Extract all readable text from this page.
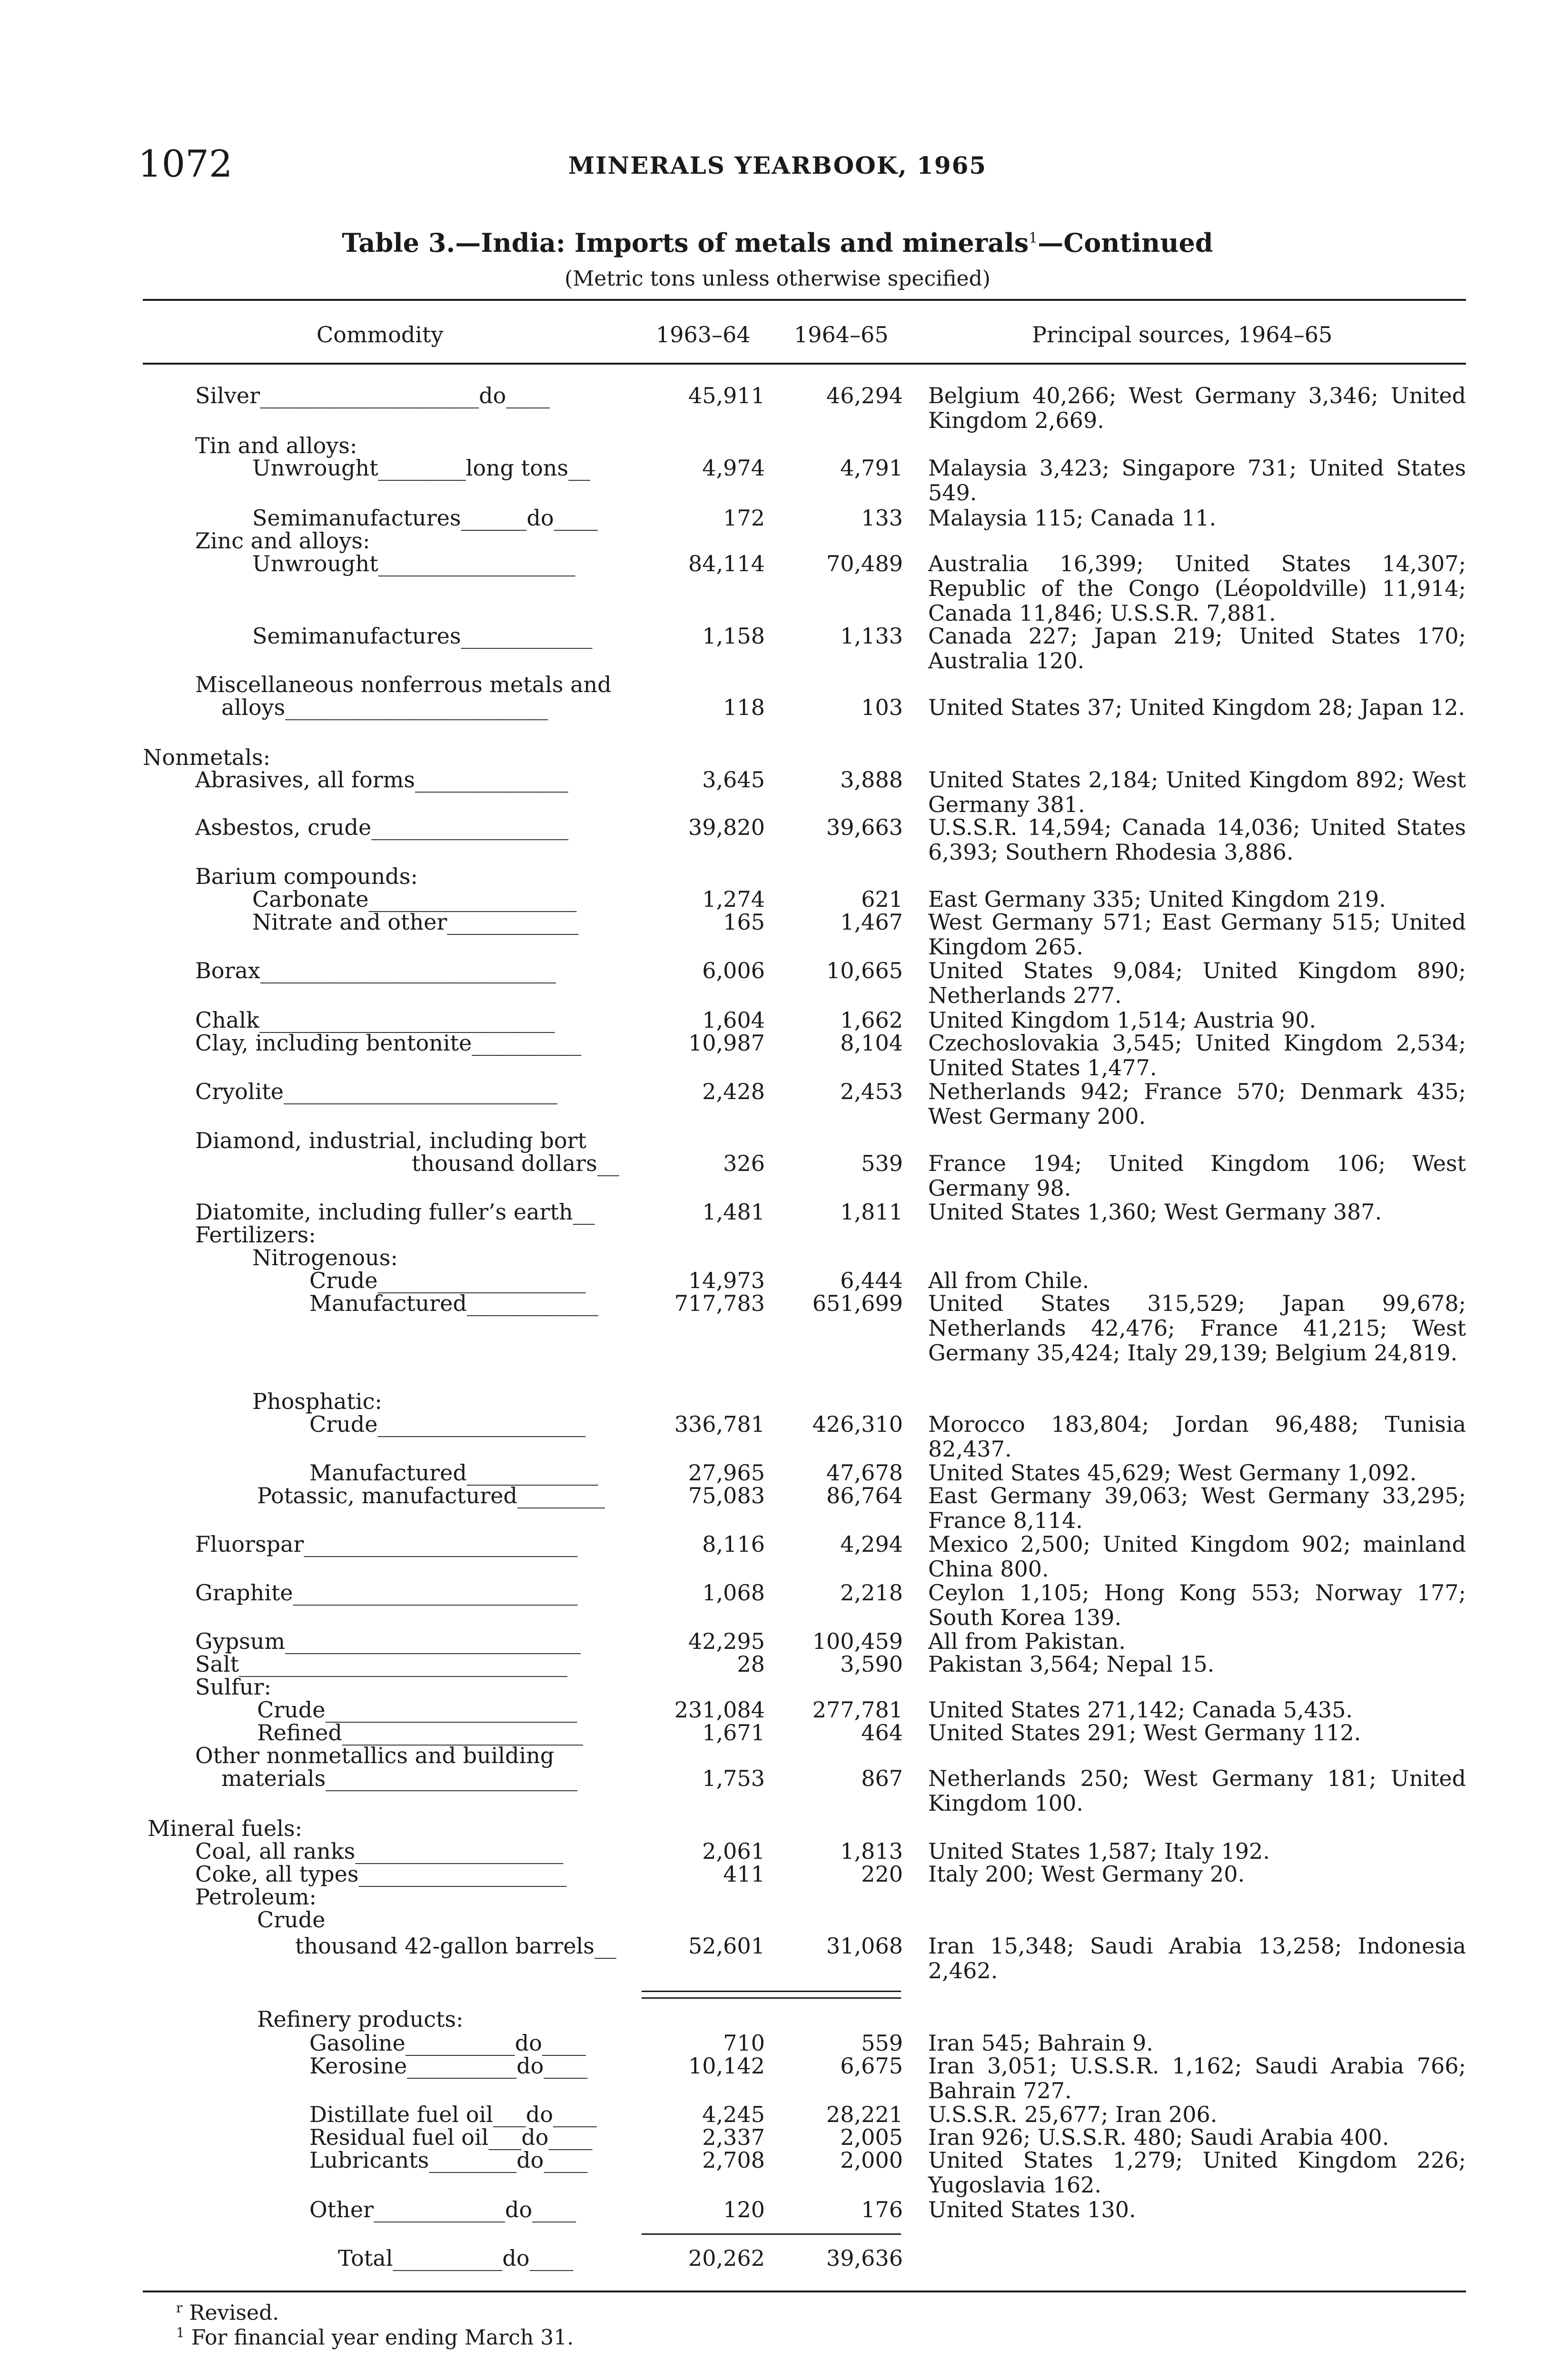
1072	MINERALS YEARBOOK, 1965
Table 3.—India: Imports of metals and minerals$^1$—Continued
(Metric tons unless otherwise specified)
Commodity	1963–64 1964–65	Principal sources, 1964–65
Silver____________________do____	45,911	46,294 Belgium 40,266; West Germany 3,346; United Kingdom 2,669.
Tin and alloys:
Unwrought________long tons__	4,974	4,791 Malaysia 3,423; Singapore 731; United States 549.
Semimanufactures______do____	172	133 Malaysia 115; Canada 11.
Zinc and alloys:
Unwrought__________________	84,114	70,489 Australia 16,399; United States 14,307; Republic of the Congo (Léopoldville) 11,914; Canada 11,846; U.S.S.R. 7,881.
Semimanufactures____________	1,158	1,133 Canada 227; Japan 219; United States 170; Australia 120.
Miscellaneous nonferrous metals and
alloys________________________	118	103 United States 37; United Kingdom 28; Japan 12.
Nonmetals:
Abrasives, all forms______________	3,645	3,888 United States 2,184; United Kingdom 892; West Germany 381.
Asbestos, crude__________________	39,820	39,663 U.S.S.R. 14,594; Canada 14,036; United States 6,393; Southern Rhodesia 3,886.
Barium compounds:
Carbonate___________________	1,274	621 East Germany 335; United Kingdom 219.
Nitrate and other____________	165	1,467 West Germany 571; East Germany 515; United Kingdom 265.
Borax___________________________	6,006	10,665 United States 9,084; United Kingdom 890; Netherlands 277.
Chalk___________________________	1,604	1,662 United Kingdom 1,514; Austria 90.
Clay, including bentonite__________	10,987	8,104 Czechoslovakia 3,545; United Kingdom 2,534; United States 1,477.
Cryolite_________________________	2,428	2,453 Netherlands 942; France 570; Denmark 435; West Germany 200.
Diamond, industrial, including bort
thousand dollars__	326	539 France 194; United Kingdom 106; West Germany 98.
Diatomite, including fuller’s earth__	1,481	1,811 United States 1,360; West Germany 387.
Fertilizers:
Nitrogenous:
Crude___________________	14,973	6,444 All from Chile.
Manufactured____________	717,783 651,699 United States 315,529; Japan 99,678; Netherlands 42,476; France 41,215; West Germany 35,424; Italy 29,139; Belgium 24,819.
Phosphatic:
Crude___________________	336,781 426,310 Morocco 183,804; Jordan 96,488; Tunisia 82,437.
Manufactured____________	27,965	47,678 United States 45,629; West Germany 1,092.
Potassic, manufactured________	75,083	86,764 East Germany 39,063; West Germany 33,295; France 8,114.
Fluorspar_________________________	8,116	4,294 Mexico 2,500; United Kingdom 902; mainland China 800.
Graphite__________________________	1,068	2,218 Ceylon 1,105; Hong Kong 553; Norway 177; South Korea 139.
Gypsum___________________________	42,295 100,459 All from Pakistan.
Salt______________________________	28	3,590 Pakistan 3,564; Nepal 15.
Sulfur:
Crude_______________________	231,084 277,781 United States 271,142; Canada 5,435.
Refined______________________	1,671	464 United States 291; West Germany 112.
Other nonmetallics and building
materials_______________________	1,753	867 Netherlands 250; West Germany 181; United Kingdom 100.
Mineral fuels:
Coal, all ranks___________________	2,061	1,813 United States 1,587; Italy 192.
Coke, all types___________________	411	220 Italy 200; West Germany 20.
Petroleum:
Crude
thousand 42-gallon barrels__	52,601	31,068 Iran 15,348; Saudi Arabia 13,258; Indonesia 2,462.
Refinery products:
Gasoline__________do____	710	559 Iran 545; Bahrain 9.
Kerosine__________do____	10,142	6,675 Iran 3,051; U.S.S.R. 1,162; Saudi Arabia 766; Bahrain 727.
Distillate fuel oil___do____	4,245	28,221 U.S.S.R. 25,677; Iran 206.
Residual fuel oil___do____	2,337	2,005 Iran 926; U.S.S.R. 480; Saudi Arabia 400.
Lubricants________do____	2,708	2,000 United States 1,279; United Kingdom 226; Yugoslavia 162.
Other____________do____	120	176 United States 130.
Total__________do____	20,262	39,636
$^r$ Revised.
$^1$ For financial year ending March 31.
